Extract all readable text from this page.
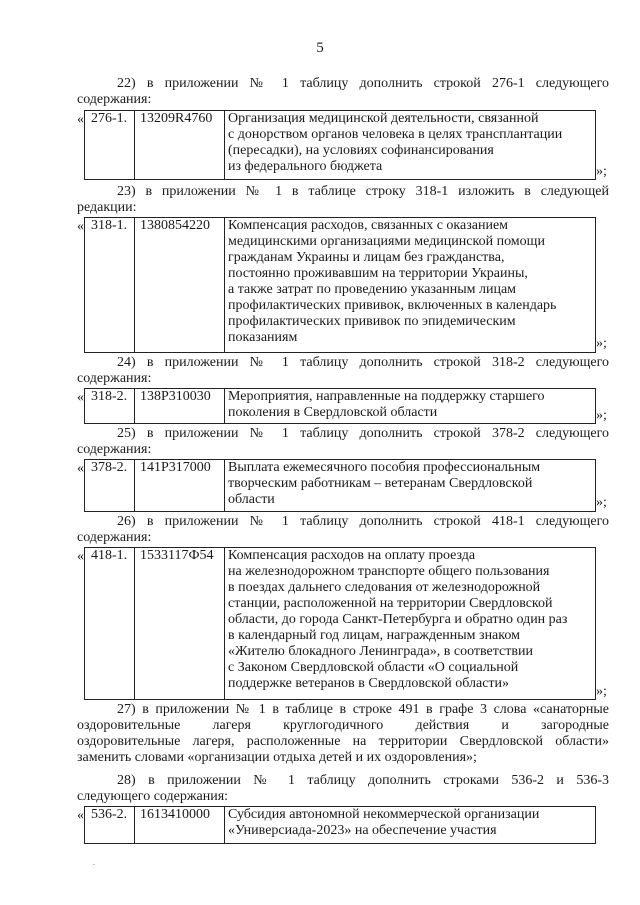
5
22) в приложении № 1 таблицу дополнить строкой 276-1 следующего
содержания:
« 276-1. 13209R4760	Организация медицинской деятельности, связанной
с донорством органов человека в целях трансплантации
(пересадки), на условиях софинансирования
из федерального бюджета	»;
23) в приложении № 1 в таблице строку 318-1 изложить в следующей
редакции:
« 318-1. 1380854220	Компенсация расходов, связанных с оказанием
медицинскими организациями медицинской помощи
гражданам Украины и лицам без гражданства,
постоянно проживавшим на территории Украины,
а также затрат по проведению указанным лицам
профилактических прививок, включенных в календарь
профилактических прививок по эпидемическим
показаниям	»;
24) в приложении № 1 таблицу дополнить строкой 318-2 следующего
содержания:
« 318-2. 138P310030	Мероприятия, направленные на поддержку старшего
поколения в Свердловской области	»;
25) в приложении № 1 таблицу дополнить строкой 378-2 следующего
содержания:
« 378-2. 141P317000	Выплата ежемесячного пособия профессиональным
творческим работникам – ветеранам Свердловской
области	»;
26) в приложении № 1 таблицу дополнить строкой 418-1 следующего
содержания:
« 418-1. 1533117Ф54	Компенсация расходов на оплату проезда
на железнодорожном транспорте общего пользования
в поездах дальнего следования от железнодорожной
станции, расположенной на территории Свердловской
области, до города Санкт-Петербурга и обратно один раз
в календарный год лицам, награжденным знаком
«Жителю блокадного Ленинграда», в соответствии
с Законом Свердловской области «О социальной
поддержке ветеранов в Свердловской области»
»;
27) в приложении № 1 в таблице в строке 491 в графе 3 слова «санаторные
оздоровительные лагеря круглогодичного действия и загородные
оздоровительные лагеря, расположенные на территории Свердловской области»
заменить словами «организации отдыха детей и их оздоровления»;
28) в приложении № 1 таблицу дополнить строками 536-2 и 536-3
следующего содержания:
« 536-2. 1613410000	Субсидия автономной некоммерческой организации
«Универсиада-2023» на обеспечение участия
.
